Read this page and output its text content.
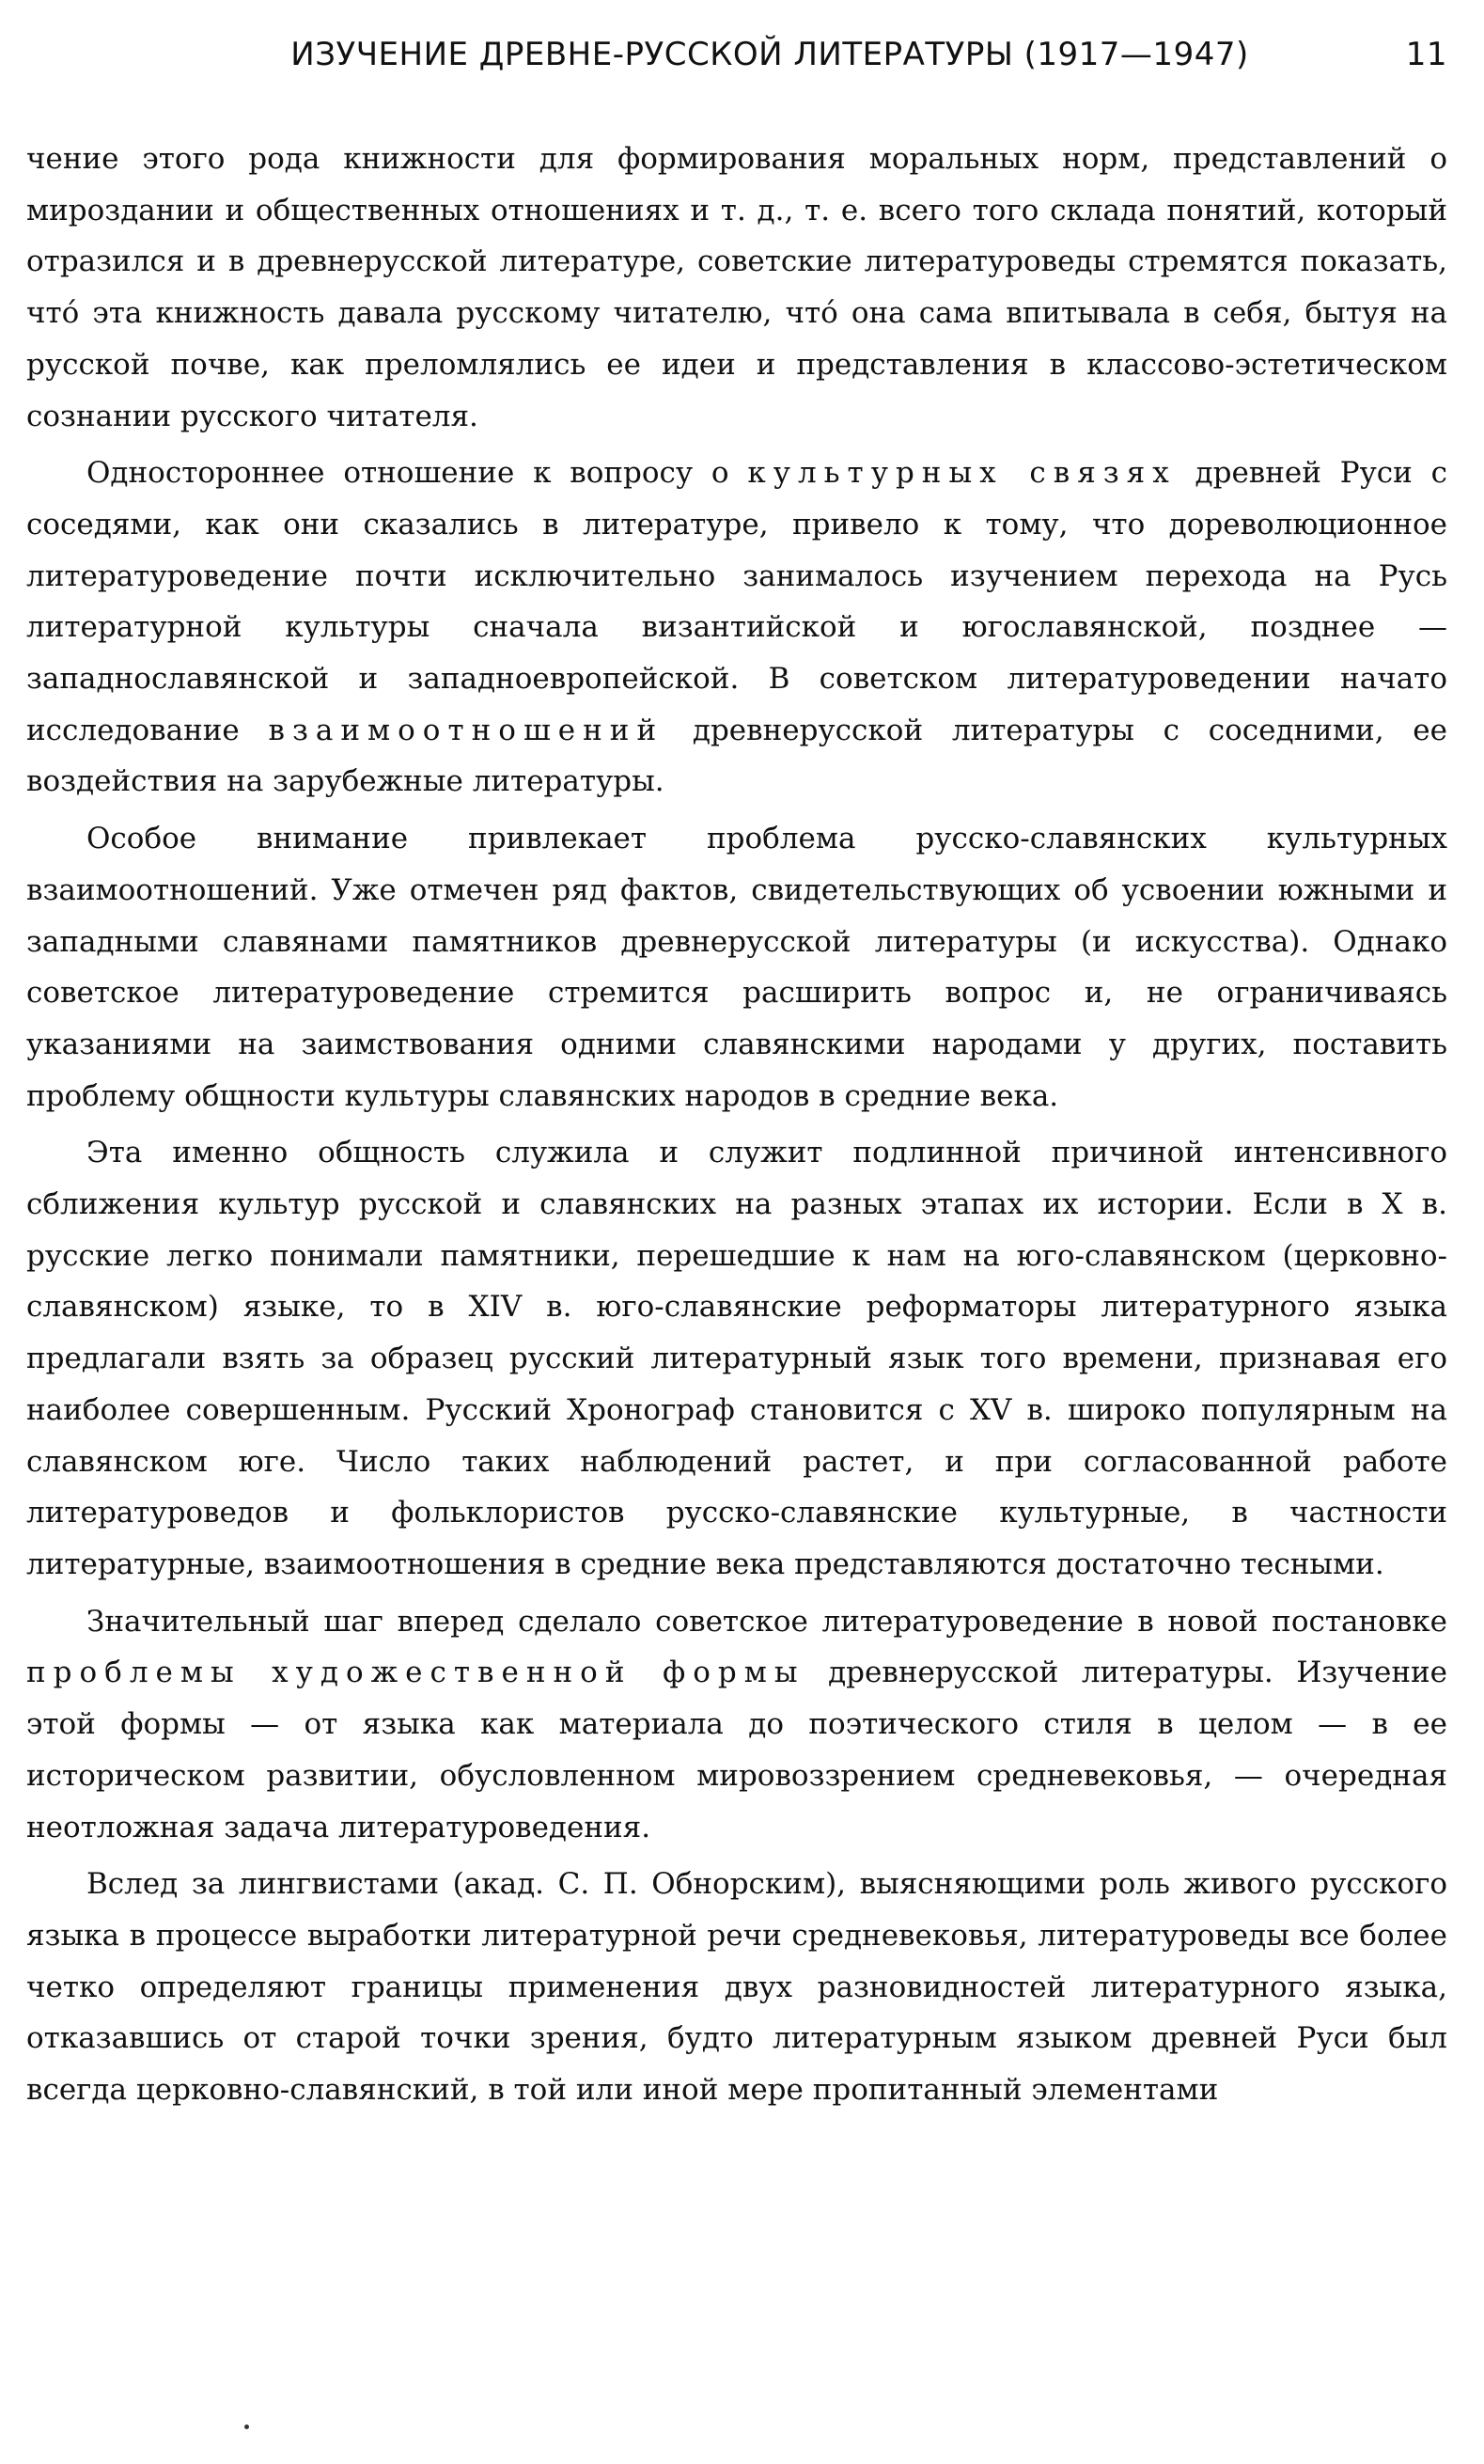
ИЗУЧЕНИЕ ДРЕВНЕ-РУССКОЙ ЛИТЕРАТУРЫ (1917—1947)	11

чение этого рода книжности для формирования моральных норм, представлений о мироздании и общественных отношениях и т. д., т. е. всего того склада понятий, который отразился и в древнерусской литературе, советские литературоведы стремятся показать, что́ эта книжность давала русскому читателю, что́ она сама впитывала в себя, бытуя на русской почве, как преломлялись ее идеи и представления в классово-эстетическом сознании русского читателя.

Одностороннее отношение к вопросу о культурных связях древней Руси с соседями, как они сказались в литературе, привело к тому, что дореволюционное литературоведение почти исключительно занималось изучением перехода на Русь литературной культуры сначала византийской и югославянской, позднее — западнославянской и западноевропейской. В советском литературоведении начато исследование взаимоотношений древнерусской литературы с соседними, ее воздействия на зарубежные литературы.

Особое внимание привлекает проблема русско-славянских культурных взаимоотношений. Уже отмечен ряд фактов, свидетельствующих об усвоении южными и западными славянами памятников древнерусской литературы (и искусства). Однако советское литературоведение стремится расширить вопрос и, не ограничиваясь указаниями на заимствования одними славянскими народами у других, поставить проблему общности культуры славянских народов в средние века.

Эта именно общность служила и служит подлинной причиной интенсивного сближения культур русской и славянских на разных этапах их истории. Если в X в. русские легко понимали памятники, перешедшие к нам на юго-славянском (церковно-славянском) языке, то в XIV в. юго-славянские реформаторы литературного языка предлагали взять за образец русский литературный язык того времени, признавая его наиболее совершенным. Русский Хронограф становится с XV в. широко популярным на славянском юге. Число таких наблюдений растет, и при согласованной работе литературоведов и фольклористов русско-славянские культурные, в частности литературные, взаимоотношения в средние века представляются достаточно тесными.

Значительный шаг вперед сделало советское литературоведение в новой постановке проблемы художественной формы древнерусской литературы. Изучение этой формы — от языка как материала до поэтического стиля в целом — в ее историческом развитии, обусловленном мировоззрением средневековья, — очередная неотложная задача литературоведения.

Вслед за лингвистами (акад. С. П. Обнорским), выясняющими роль живого русского языка в процессе выработки литературной речи средневековья, литературоведы все более четко определяют границы применения двух разновидностей литературного языка, отказавшись от старой точки зрения, будто литературным языком древней Руси был всегда церковно-славянский, в той или иной мере пропитанный элементами
